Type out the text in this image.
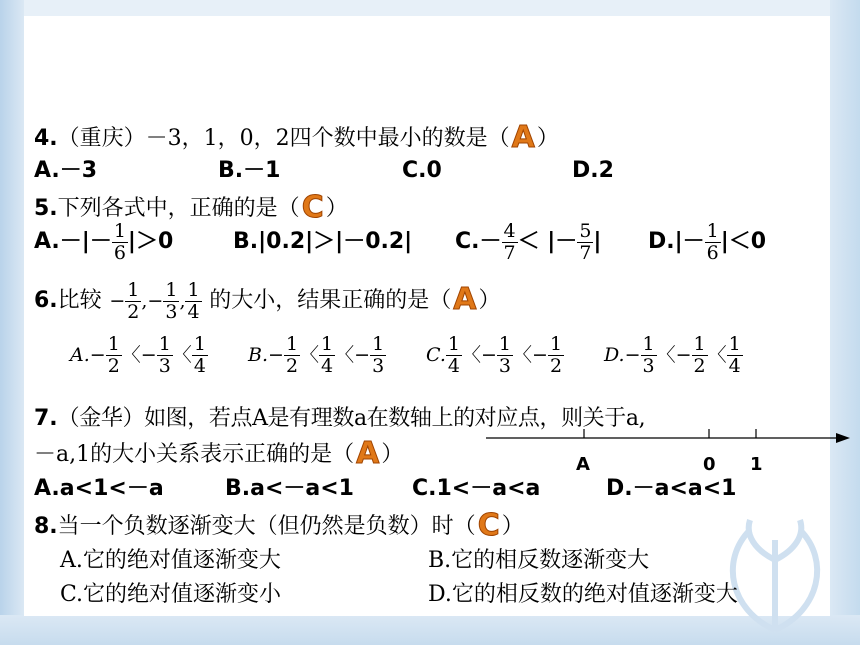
4.（重庆）－3，1，0，2四个数中最小的数是（A）
A.－3	B.－1	C.0	D.2
5.下列各式中，正确的是（C）
$A.-|- \frac{1}{6} |>0$	B.|0.2|＞|－0.2| $C.- \frac{4}{7}$ ＜ |－ $\frac{5}{7}$ | $D.|- \frac{1}{6} |<0$
6.比较 − $\frac{1}{2}$ ,− $\frac{1}{3}$ , $\frac{1}{4}$ 的大小，结果正确的是（A）
$A.- \frac{1}{2}$ 〈− $\frac{1}{3}$ 〈 $\frac{1}{4} B.- \frac{1}{2}$ 〈 $\frac{1}{4}$ 〈− $\frac{1}{3} C$. $\frac{1}{4}$ 〈− $\frac{1}{3}$ 〈− $\frac{1}{2} D.- \frac{1}{3}$ 〈− $\frac{1}{2}$ 〈 $\frac{1}{4}$
7.（金华）如图，若点A是有理数a在数轴上的对应点，则关于a,
－a,1的大小关系表示正确的是（A）	A	0 1
A.a<1<－a	B.a<－a<1	C.1<－a<a	D.－a<a<1
8.当一个负数逐渐变大（但仍然是负数）时（C）
A.它的绝对值逐渐变大	B.它的相反数逐渐变大
C.它的绝对值逐渐变小	D.它的相反数的绝对值逐渐变大
